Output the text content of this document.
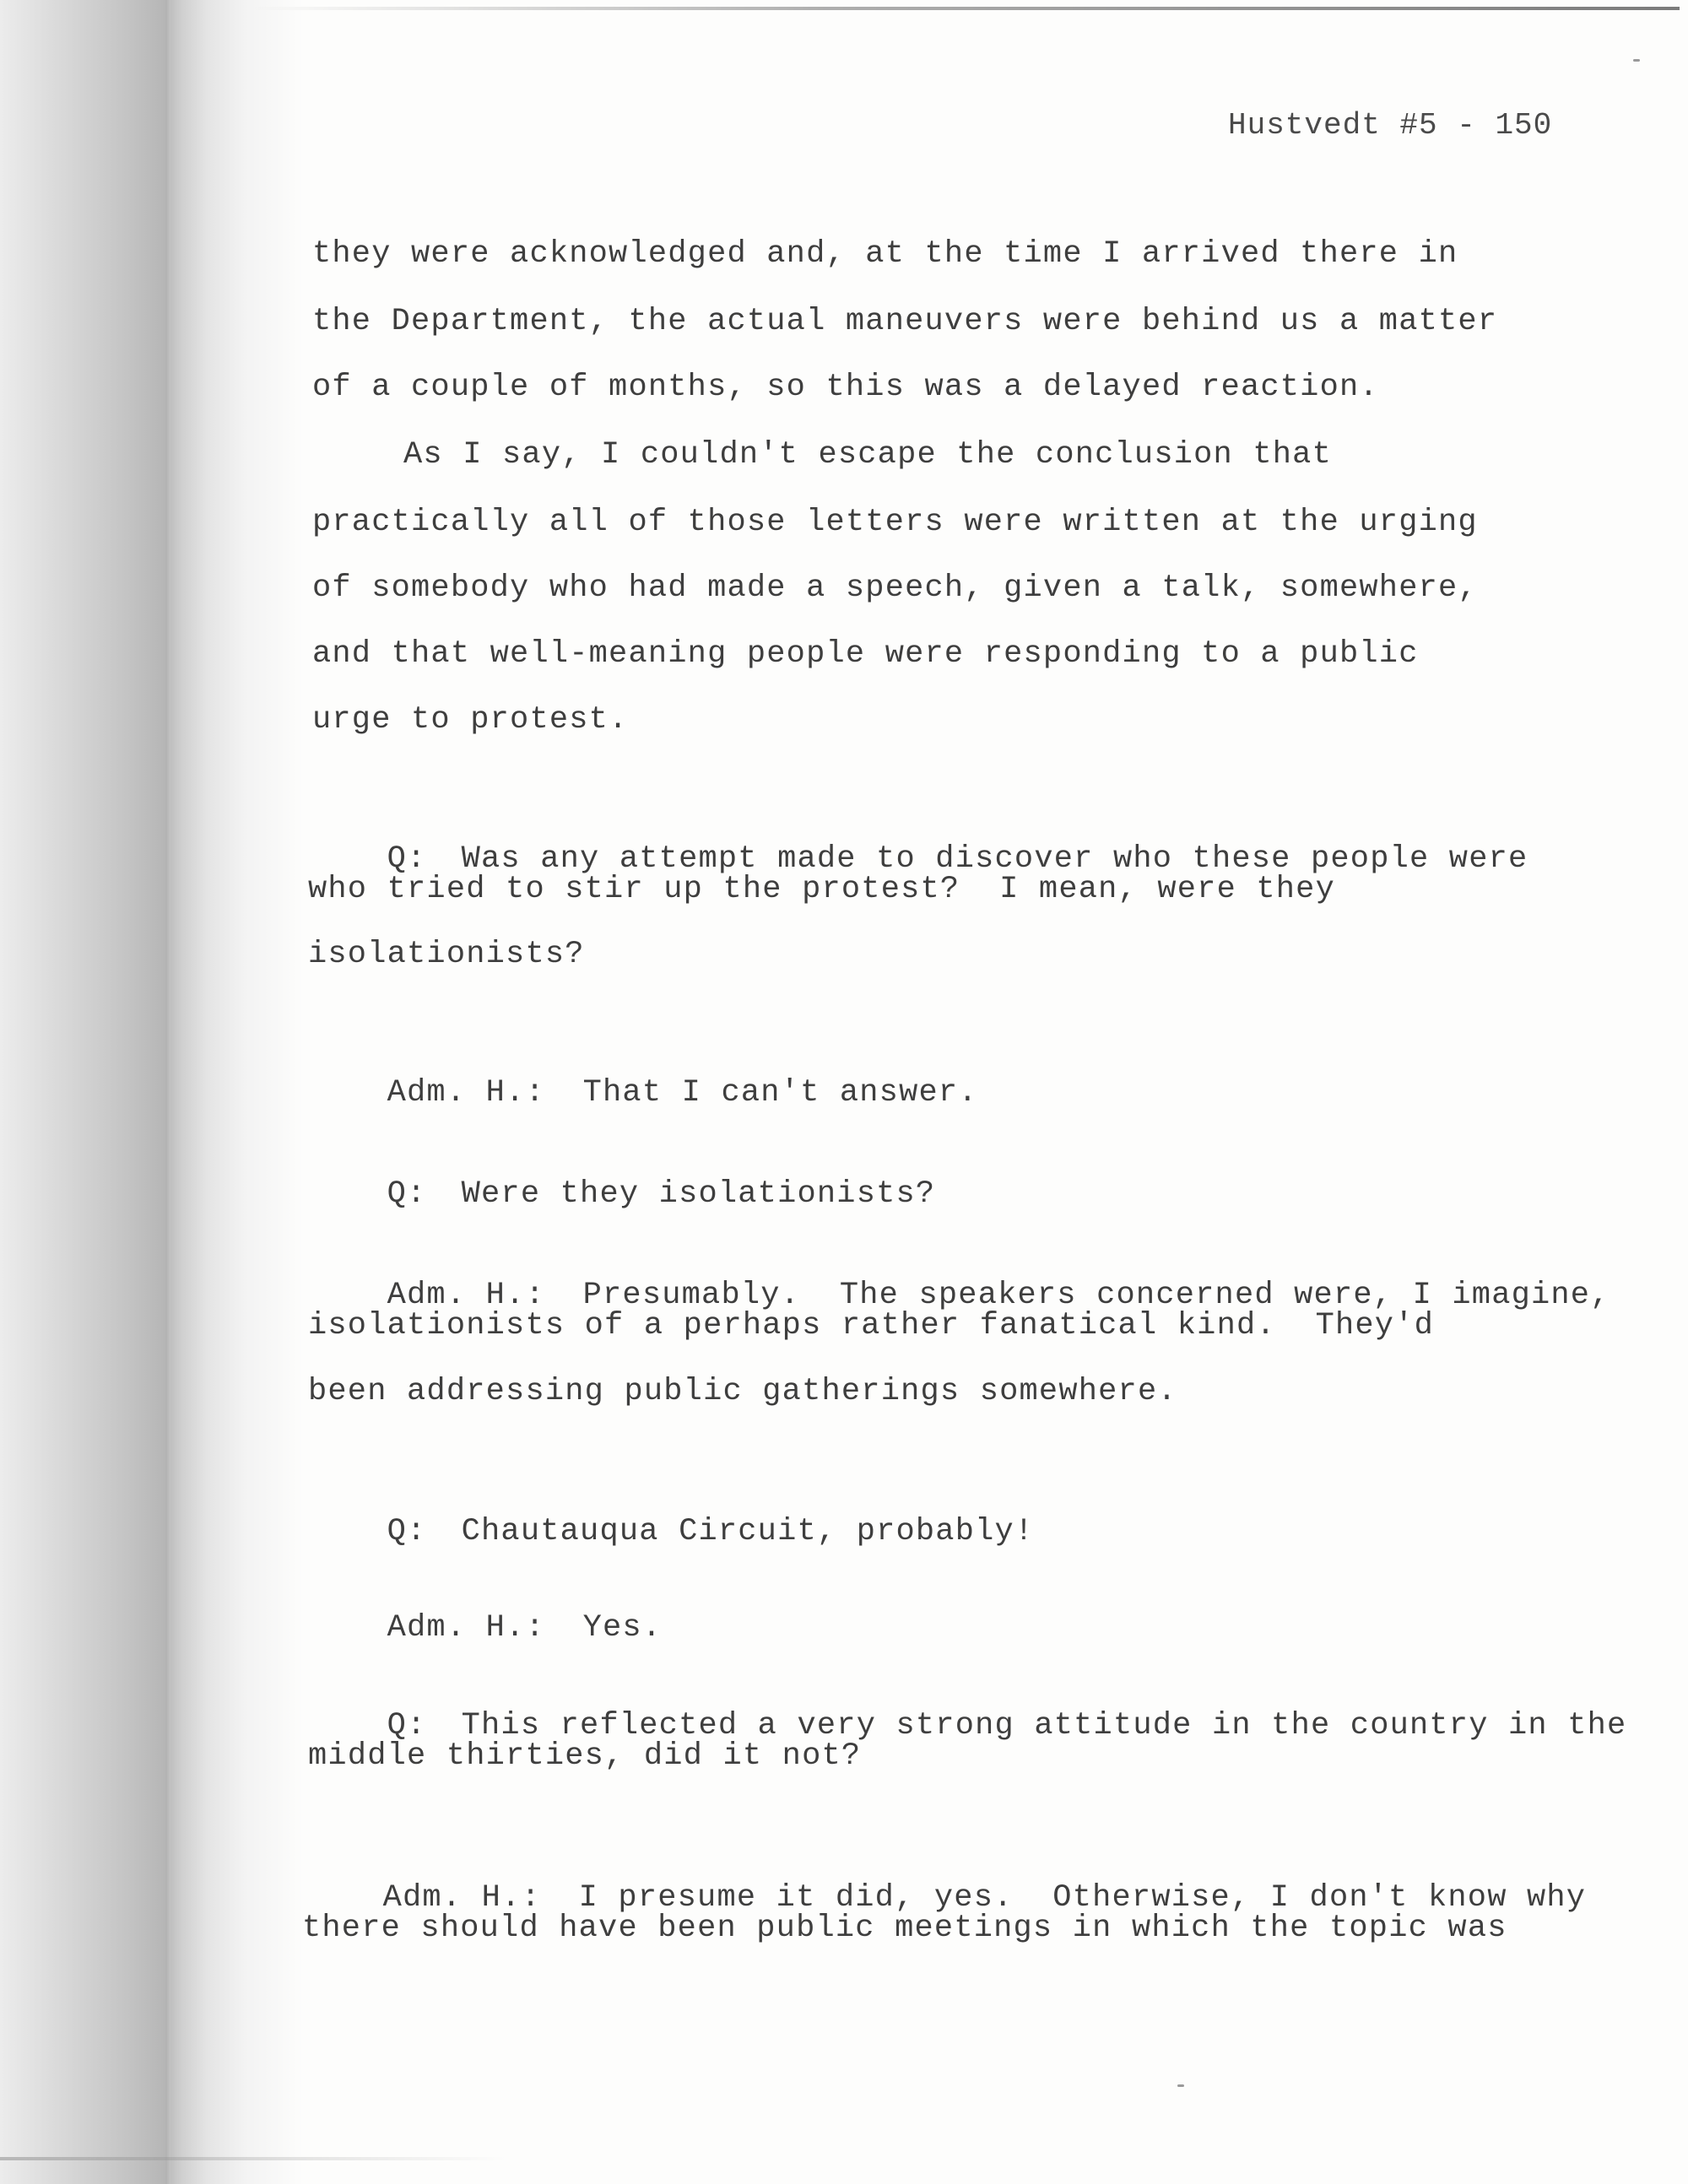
Hustvedt #5 - 150
they were acknowledged and, at the time I arrived there in
the Department, the actual maneuvers were behind us a matter
of a couple of months, so this was a delayed reaction.
As I say, I couldn't escape the conclusion that
practically all of those letters were written at the urging
of somebody who had made a speech, given a talk, somewhere,
and that well-meaning people were responding to a public
urge to protest.

Q: Was any attempt made to discover who these people were

who tried to stir up the protest?  I mean, were they
isolationists?

Adm. H.: That I can't answer.

Q: Were they isolationists?

Adm. H.: Presumably.  The speakers concerned were, I imagine,

isolationists of a perhaps rather fanatical kind.  They'd
been addressing public gatherings somewhere.

Q: Chautauqua Circuit, probably!

Adm. H.: Yes.

Q: This reflected a very strong attitude in the country in the

middle thirties, did it not?

Adm. H.: I presume it did, yes.  Otherwise, I don't know why

there should have been public meetings in which the topic was
